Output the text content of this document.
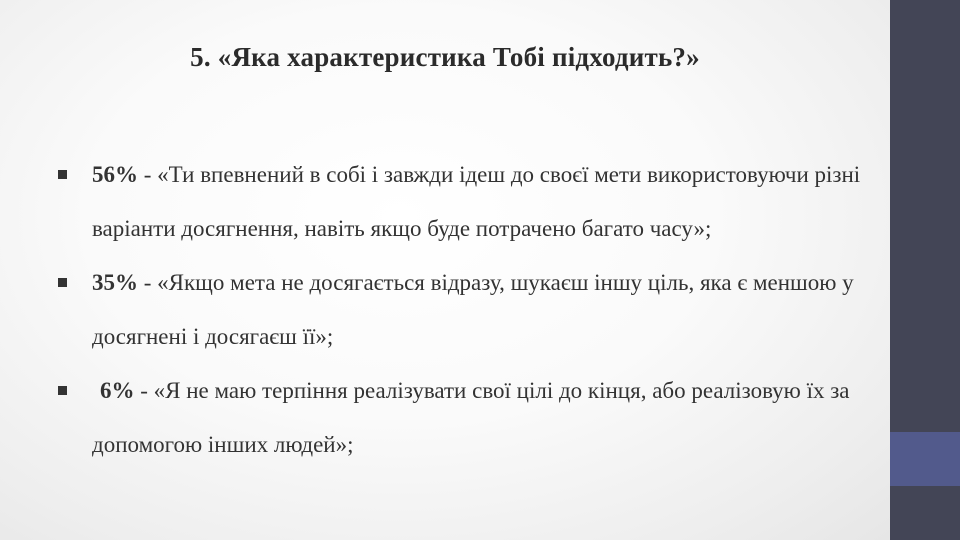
5. «Яка характеристика Тобі підходить?»
56% - «Ти впевнений в собі і завжди ідеш до своєї мети використовуючи різні варіанти досягнення, навіть якщо буде потрачено багато часу»;
35% - «Якщо мета не досягається відразу, шукаєш іншу ціль, яка є меншою у досягнені і досягаєш її»;
6% - «Я не маю терпіння реалізувати свої цілі до кінця, або реалізовую їх за допомогою інших людей»;
